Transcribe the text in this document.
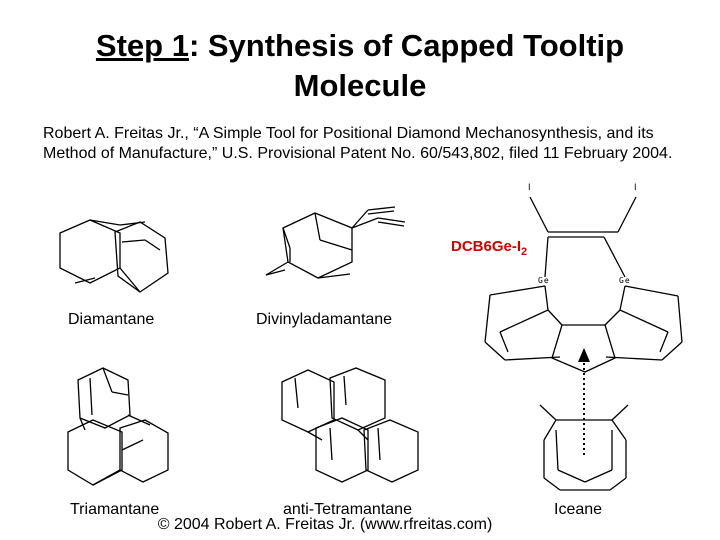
Step 1: Synthesis of Capped Tooltip
Molecule
Robert A. Freitas Jr., “A Simple Tool for Positional Diamond Mechanosynthesis, and its Method of Manufacture,” U.S. Provisional Patent No. 60/543,802, filed 11 February 2004.
I	I
Ge	Ge
$DCB6Ge-I_2$
Diamantane	Divinyladamantane
Triamantane	anti-Tetramantane	Iceane
© 2004 Robert A. Freitas Jr. (www.rfreitas.com)
